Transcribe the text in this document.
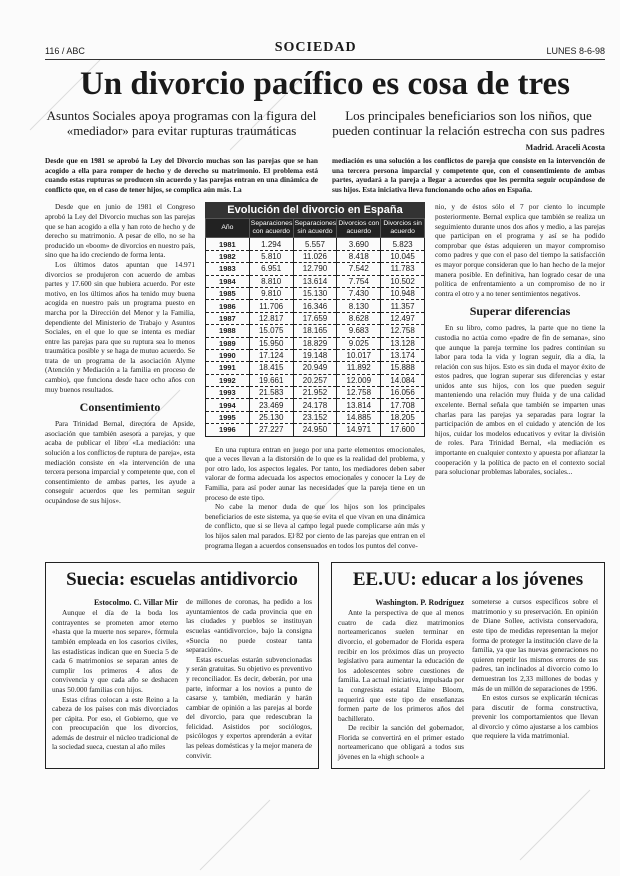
116 / ABC	SOCIEDAD	LUNES 8-6-98
Un divorcio pacífico es cosa de tres
Asuntos Sociales apoya programas con la figura del «mediador» para evitar rupturas traumáticas
Los principales beneficiarios son los niños, que pueden continuar la relación estrecha con sus padres
Madrid. Araceli Acosta
Desde que en 1981 se aprobó la Ley del Divorcio muchas son las parejas que se han acogido a ella para romper de hecho y de derecho su matrimonio. El problema está cuando estas rupturas se producen sin acuerdo y las parejas entran en una dinámica de conflicto que, en el caso de tener hijos, se complica aún más. La
mediación es una solución a los conflictos de pareja que consiste en la intervención de una tercera persona imparcial y competente que, con el consentimiento de ambas partes, ayudará a la pareja a llegar a acuerdos que les permita seguir ocupándose de sus hijos. Esta iniciativa lleva funcionando ocho años en España.

Desde que en junio de 1981 el Congreso aprobó la Ley del Divorcio muchas son las parejas que se han acogido a ella y han roto de hecho y de derecho su matrimonio. A pesar de ello, no se ha producido un «boom» de divorcios en nuestro país, sino que ha ido creciendo de forma lenta.

Los últimos datos apuntan que 14.971 divorcios se produjeron con acuerdo de ambas partes y 17.600 sin que hubiera acuerdo. Por este motivo, en los últimos años ha tenido muy buena acogida en nuestro país un programa puesto en marcha por la Dirección del Menor y la Familia, dependiente del Ministerio de Trabajo y Asuntos Sociales, en el que lo que se intenta es mediar entre las parejas para que su ruptura sea lo menos traumática posible y se haga de mutuo acuerdo. Se trata de un programa de la asociación Alyme (Atención y Mediación a la familia en proceso de cambio), que funciona desde hace ocho años con muy buenos resultados.

Consentimiento

Para Trinidad Bernal, directora de Apside, asociación que también asesora a parejas, y que acaba de publicar el libro «La mediación: una solución a los conflictos de ruptura de pareja», esta mediación consiste en «la intervención de una tercera persona imparcial y competente que, con el consentimiento de ambas partes, les ayude a conseguir acuerdos que les permitan seguir ocupándose de sus hijos».

Evolución del divorcio en España
Año	Separaciones con acuerdo	Separaciones sin acuerdo	Divorcios con acuerdo	Divorcios sin acuerdo
1981	1.294	5.557	3.690	5.823
1982	5.810	11.026	8.418	10.045
1983	6.951	12.790	7.542	11.783
1984	8.810	13.614	7.754	10.502
1985	9.810	15.130	7.430	10.948
1986	11.706	16.346	8.130	11.357
1987	12.817	17.659	8.628	12.497
1988	15.075	18.165	9.683	12.758
1989	15.950	18.829	9.025	13.128
1990	17.124	19.148	10.017	13.174
1991	18.415	20.949	11.892	15.888
1992	19.661	20.257	12.009	14.084
1993	21.583	21.952	12.758	16.056
1994	23.469	24.178	13.814	17.708
1995	25.130	23.152	14.885	18.205
1996	27.227	24.950	14.971	17.600

En una ruptura entran en juego por una parte elementos emocionales, que a veces llevan a la distorsión de lo que es la realidad del problema, y por otro lado, los aspectos legales. Por tanto, los mediadores deben saber valorar de forma adecuada los aspectos emocionales y conocer la Ley de Familia, para así poder aunar las necesidades que la pareja tiene en un proceso de este tipo.

No cabe la menor duda de que los hijos son los principales beneficiarios de este sistema, ya que se evita el que vivan en una dinámica de conflicto, que si se lleva al campo legal puede complicarse aún más y los hijos salen mal parados. El 82 por ciento de las parejas que entran en el programa llegan a acuerdos consensuados en todos los puntos del conve-

nio, y de éstos sólo el 7 por ciento lo incumple posteriormente. Bernal explica que también se realiza un seguimiento durante unos dos años y medio, a las parejas que participan en el programa y así se ha podido comprobar que éstas adquieren un mayor compromiso como padres y que con el paso del tiempo la satisfacción es mayor porque consideran que lo han hecho de la mejor manera posible. En definitiva, han logrado cesar de una política de enfrentamiento a un compromiso de no ir contra el otro y a no tener sentimientos negativos.

Superar diferencias

En su libro, como padres, la parte que no tiene la custodia no actúa como «padre de fin de semana», sino que aunque la pareja termine los padres continúan su labor para toda la vida y logran seguir, día a día, la relación con sus hijos. Esto es sin duda el mayor éxito de estos padres, que logran superar sus diferencias y estar unidos ante sus hijos, con los que pueden seguir manteniendo una relación muy fluida y de una calidad excelente. Bernal señala que también se imparten unas charlas para las parejas ya separadas para lograr la participación de ambos en el cuidado y atención de los hijos, cuidar los modelos educativos y evitar la división de roles. Para Trinidad Bernal, «la mediación es importante en cualquier contexto y apuesta por afianzar la cooperación y la política de pacto en el contexto social para solucionar problemas laborales, sociales...

Suecia: escuelas antidivorcio
Estocolmo. C. Villar Mir

Aunque el día de la boda los contrayentes se prometen amor eterno «hasta que la muerte nos separe», fórmula también empleada en los casorios civiles, las estadísticas indican que en Suecia 5 de cada 6 matrimonios se separan antes de cumplir los primeros 4 años de convivencia y que cada año se deshacen unas 50.000 familias con hijos.

Estas cifras colocan a este Reino a la cabeza de los países con más divorciados per cápita. Por eso, el Gobierno, que ve con preocupación que los divorcios, además de destruir el núcleo tradicional de la sociedad sueca, cuestan al año miles

de millones de coronas, ha pedido a los ayuntamientos de cada provincia que en las ciudades y pueblos se instituyan escuelas «antidivorcio», bajo la consigna «Suecia no puede costear tanta separación».

Estas escuelas estarán subvencionadas y serán gratuitas. Su objetivo es preventivo y reconciliador. Es decir, deberán, por una parte, informar a los novios a punto de casarse y, también, mediarán y harán cambiar de opinión a las parejas al borde del divorcio, para que redescubran la felicidad. Asistidos por sociólogos, psicólogos y expertos aprenderán a evitar las peleas domésticas y la mejor manera de convivir.

EE.UU: educar a los jóvenes
Washington. P. Rodríguez

Ante la perspectiva de que al menos cuatro de cada diez matrimonios norteamericanos suelen terminar en divorcio, el gobernador de Florida espera recibir en los próximos días un proyecto legislativo para aumentar la educación de los adolescentes sobre cuestiones de familia. La actual iniciativa, impulsada por la congresista estatal Elaine Bloom, requerirá que este tipo de enseñanzas formen parte de los primeros años del bachillerato.

De recibir la sanción del gobernador, Florida se convertirá en el primer estado norteamericano que obligará a todos sus jóvenes en la «high school» a

someterse a cursos específicos sobre el matrimonio y su preservación. En opinión de Diane Sollee, activista conservadora, este tipo de medidas representan la mejor forma de proteger la institución clave de la familia, ya que las nuevas generaciones no quieren repetir los mismos errores de sus padres, tan inclinados al divorcio como lo demuestran los 2,33 millones de bodas y más de un millón de separaciones de 1996.

En estos cursos se explicarán técnicas para discutir de forma constructiva, prevenir los comportamientos que llevan al divorcio y cómo ajustarse a los cambios que requiere la vida matrimonial.
